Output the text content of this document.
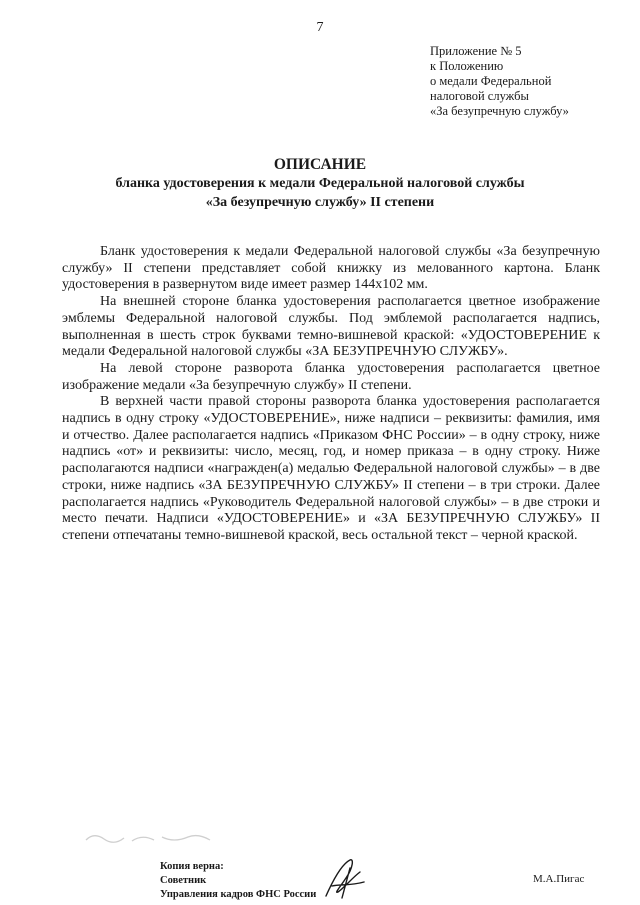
7
Приложение № 5
к Положению
о медали Федеральной
налоговой службы
«За безупречную службу»
ОПИСАНИЕ
бланка удостоверения к медали Федеральной налоговой службы
«За безупречную службу» II степени

Бланк удостоверения к медали Федеральной налоговой службы «За безупречную службу» II степени представляет собой книжку из мелованного картона. Бланк удостоверения в развернутом виде имеет размер 144х102 мм.

На внешней стороне бланка удостоверения располагается цветное изображение эмблемы Федеральной налоговой службы. Под эмблемой располагается надпись, выполненная в шесть строк буквами темно-вишневой краской: «УДОСТОВЕРЕНИЕ к медали Федеральной налоговой службы «ЗА БЕЗУПРЕЧНУЮ СЛУЖБУ».

На левой стороне разворота бланка удостоверения располагается цветное изображение медали «За безупречную службу» II степени.

В верхней части правой стороны разворота бланка удостоверения располагается надпись в одну строку «УДОСТОВЕРЕНИЕ», ниже надписи – реквизиты: фамилия, имя и отчество. Далее располагается надпись «Приказом ФНС России» – в одну строку, ниже надпись «от» и реквизиты: число, месяц, год, и номер приказа – в одну строку. Ниже располагаются надписи «награжден(а) медалью Федеральной налоговой службы» – в две строки, ниже надпись «ЗА БЕЗУПРЕЧНУЮ СЛУЖБУ» II степени – в три строки. Далее располагается надпись «Руководитель Федеральной налоговой службы» – в две строки и место печати. Надписи «УДОСТОВЕРЕНИЕ» и «ЗА БЕЗУПРЕЧНУЮ СЛУЖБУ» II степени отпечатаны темно-вишневой краской, весь остальной текст – черной краской.

Копия верна:
Советник
Управления кадров ФНС России
М.А.Пигас
